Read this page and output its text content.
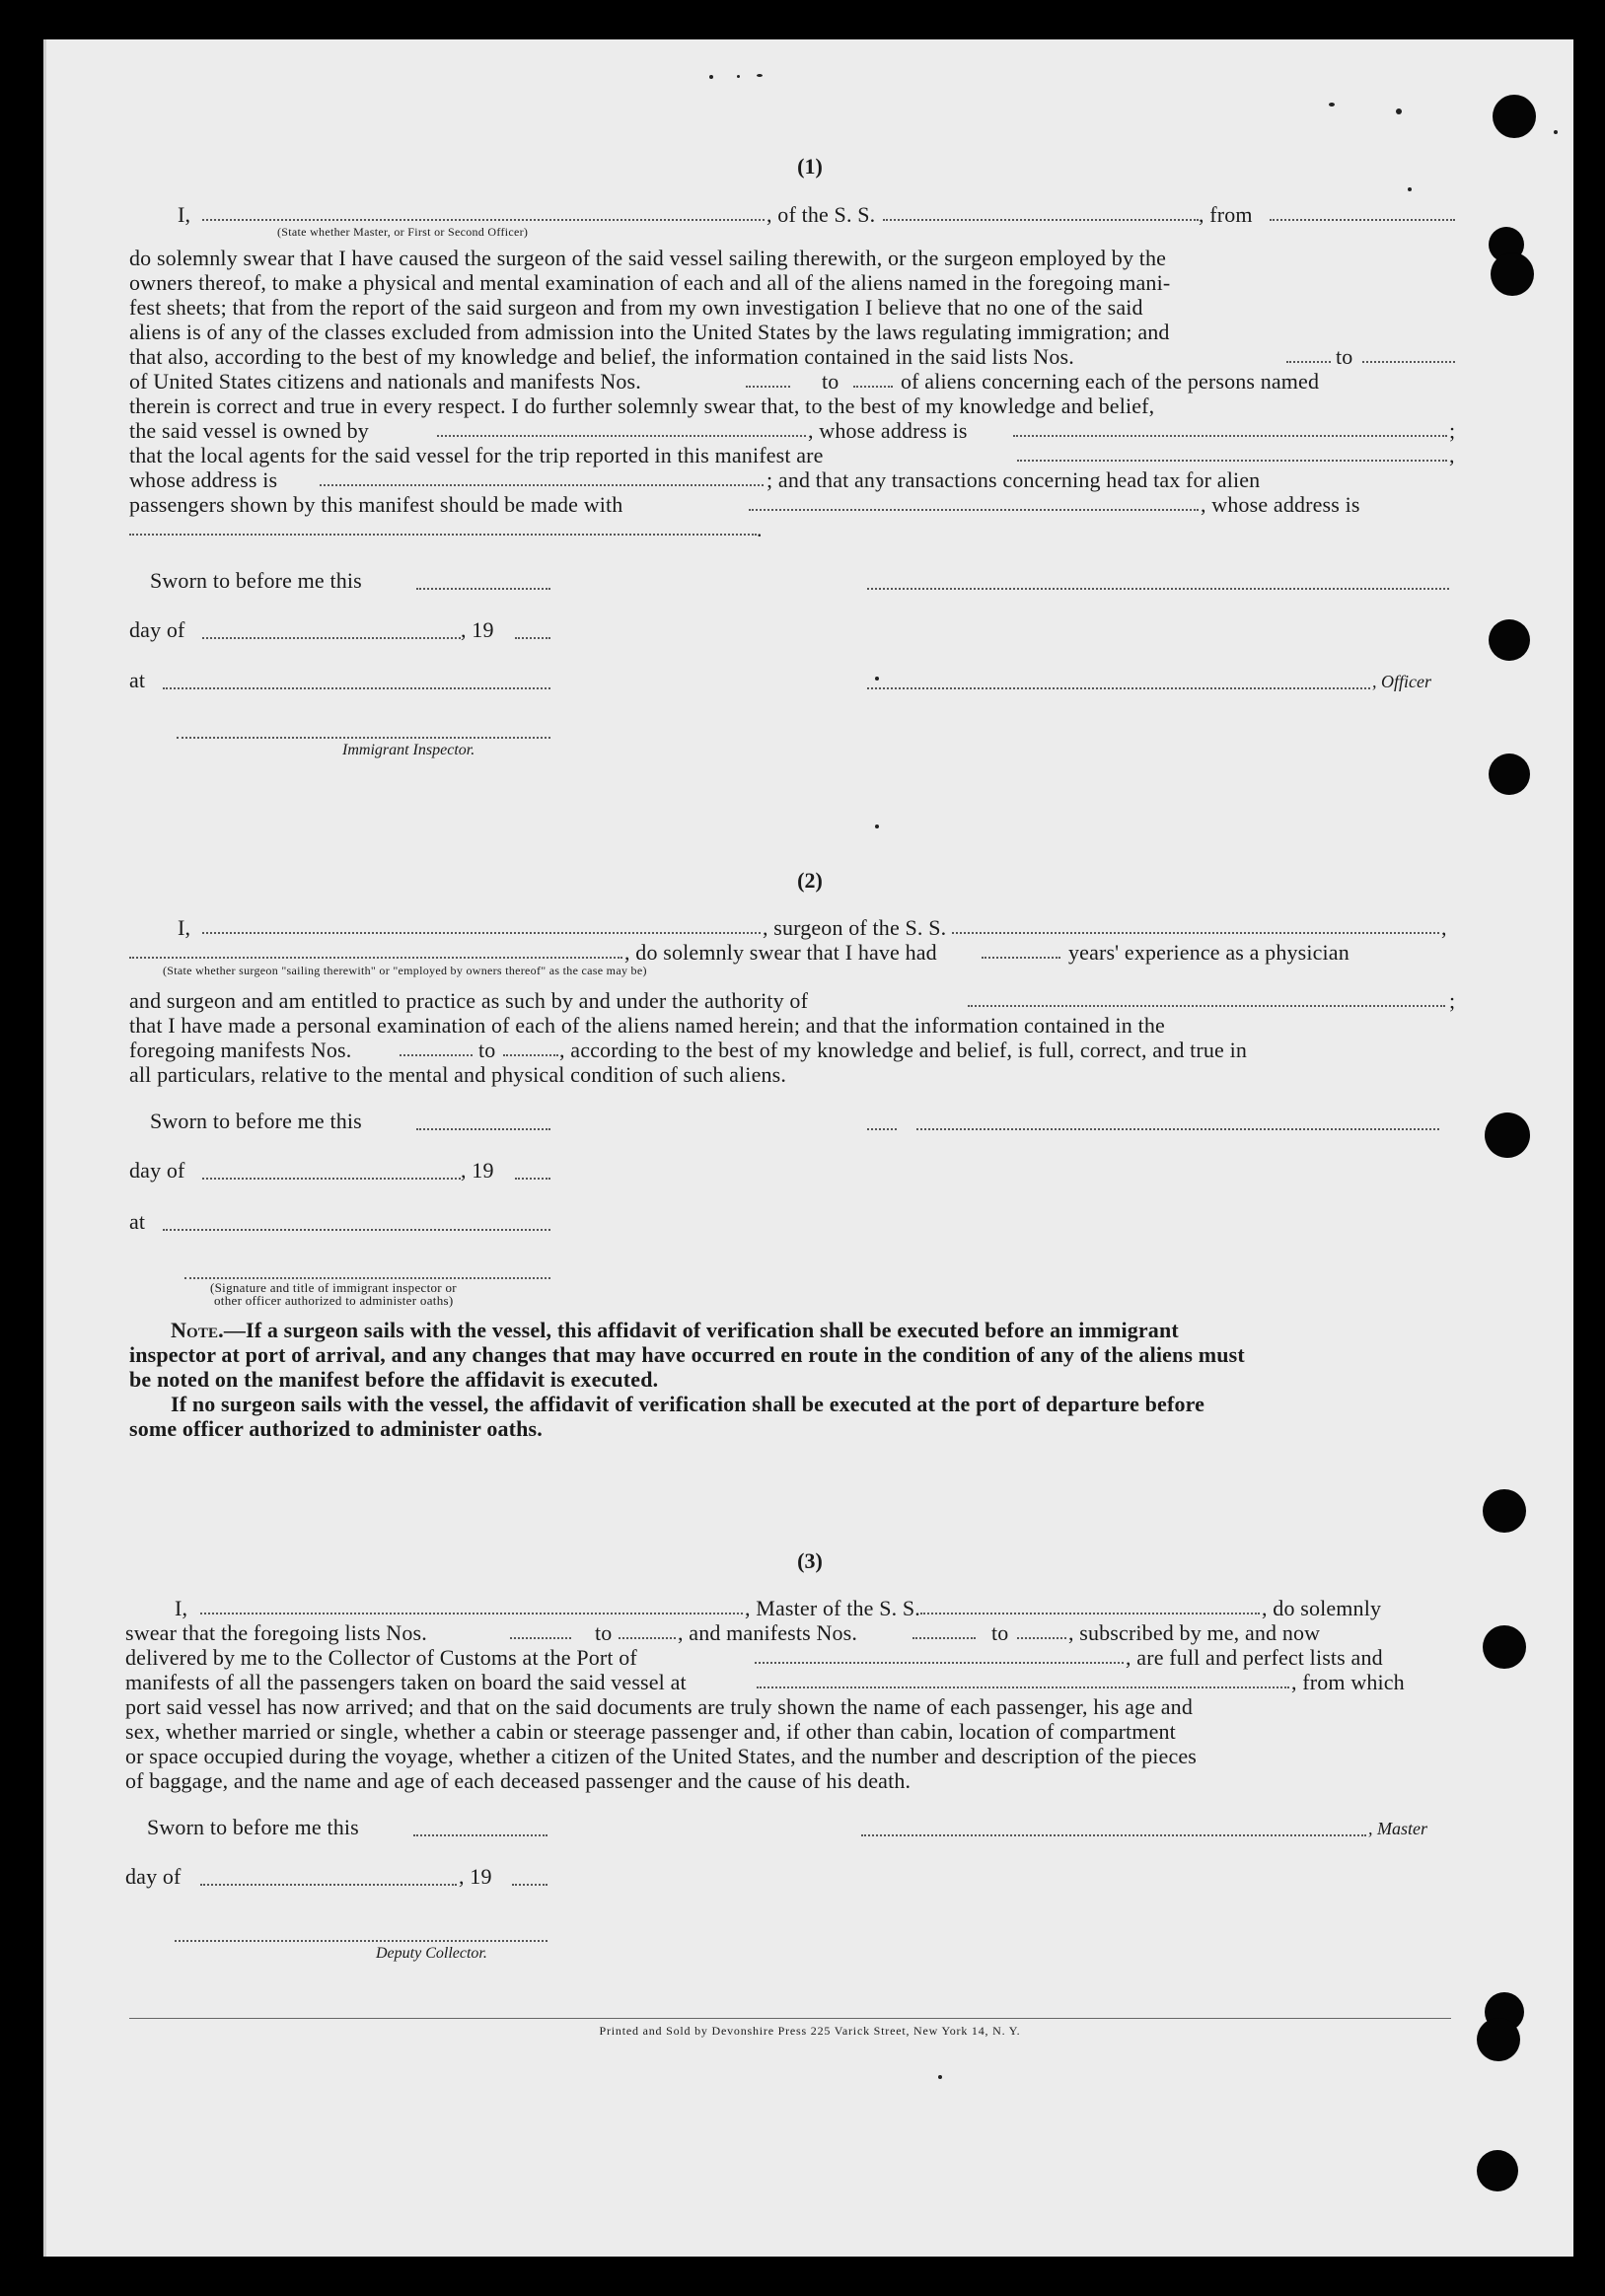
(1)
I,	, of the S. S.	, from
(State whether Master, or First or Second Officer)
do solemnly swear that I have caused the surgeon of the said vessel sailing therewith, or the surgeon employed by the
owners thereof, to make a physical and mental examination of each and all of the aliens named in the foregoing mani-
fest sheets; that from the report of the said surgeon and from my own investigation I believe that no one of the said
aliens is of any of the classes excluded from admission into the United States by the laws regulating immigration; and
that also, according to the best of my knowledge and belief, the information contained in the said lists Nos.	to
of United States citizens and nationals and manifests Nos.	to	of aliens concerning each of the persons named
therein is correct and true in every respect. I do further solemnly swear that, to the best of my knowledge and belief,
the said vessel is owned by	, whose address is	;
that the local agents for the said vessel for the trip reported in this manifest are	,
whose address is	; and that any transactions concerning head tax for alien
passengers shown by this manifest should be made with	, whose address is
.
Sworn to before me this
day of	, 19
at	, Officer
Immigrant Inspector.
(2)
I,	, surgeon of the S. S.	,
, do solemnly swear that I have had	years' experience as a physician
(State whether surgeon "sailing therewith" or "employed by owners thereof" as the case may be)
and surgeon and am entitled to practice as such by and under the authority of	;
that I have made a personal examination of each of the aliens named herein; and that the information contained in the
foregoing manifests Nos.	to	, according to the best of my knowledge and belief, is full, correct, and true in
all particulars, relative to the mental and physical condition of such aliens.
Sworn to before me this
day of	, 19
at
(Signature and title of immigrant inspector or
other officer authorized to administer oaths)
Note.—If a surgeon sails with the vessel, this affidavit of verification shall be executed before an immigrant
inspector at port of arrival, and any changes that may have occurred en route in the condition of any of the aliens must
be noted on the manifest before the affidavit is executed.
If no surgeon sails with the vessel, the affidavit of verification shall be executed at the port of departure before
some officer authorized to administer oaths.
(3)
I,	, Master of the S. S.	, do solemnly
swear that the foregoing lists Nos.	to	, and manifests Nos.	to	, subscribed by me, and now
delivered by me to the Collector of Customs at the Port of	, are full and perfect lists and
manifests of all the passengers taken on board the said vessel at	, from which
port said vessel has now arrived; and that on the said documents are truly shown the name of each passenger, his age and
sex, whether married or single, whether a cabin or steerage passenger and, if other than cabin, location of compartment
or space occupied during the voyage, whether a citizen of the United States, and the number and description of the pieces
of baggage, and the name and age of each deceased passenger and the cause of his death.
Sworn to before me this	, Master
day of	, 19
Deputy Collector.
Printed and Sold by Devonshire Press 225 Varick Street, New York 14, N. Y.
